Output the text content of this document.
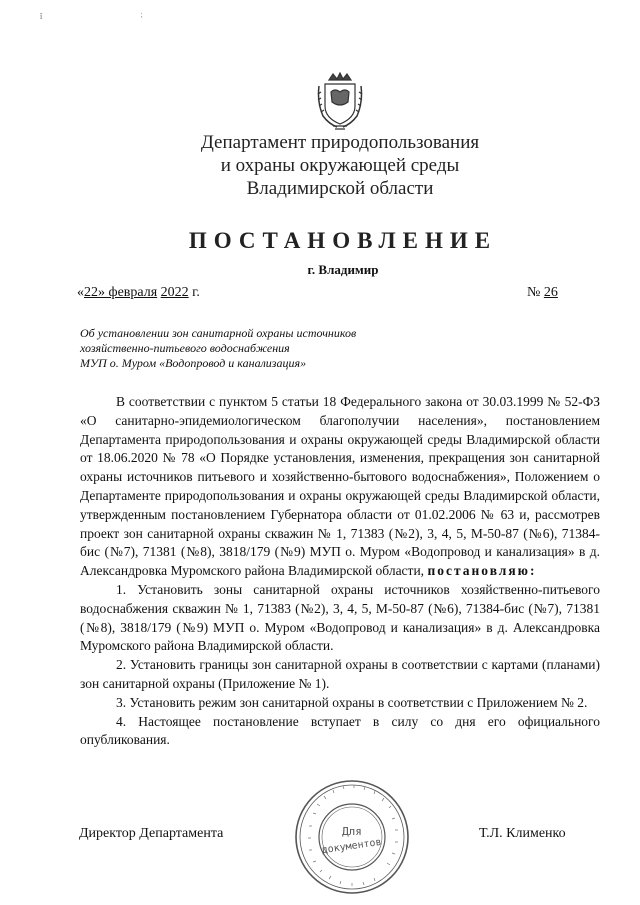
ǐ	⁏
Департамент природопользования
и охраны окружающей среды
Владимирской области
ПОСТАНОВЛЕНИЕ
г. Владимир
«22» февраля 2022 г.	№ 26
Об установлении зон санитарной охраны источников
хозяйственно-питьевого водоснабжения
МУП о. Муром «Водопровод и канализация»

В соответствии с пунктом 5 статьи 18 Федерального закона от 30.03.1999 № 52-ФЗ «О санитарно-эпидемиологическом благополучии населения», постановлением Департамента природопользования и охраны окружающей среды Владимирской области от 18.06.2020 № 78 «О Порядке установления, изменения, прекращения зон санитарной охраны источников питьевого и хозяйственно-бытового водоснабжения», Положением о Департаменте природопользования и охраны окружающей среды Владимирской области, утвержденным постановлением Губернатора области от 01.02.2006 № 63 и, рассмотрев проект зон санитарной охраны скважин № 1, 71383 (№2), 3, 4, 5, М-50-87 (№6), 71384-бис (№7), 71381 (№8), 3818/179 (№9) МУП о. Муром «Водопровод и канализация» в д. Александровка Муромского района Владимирской области, постановляю:

1. Установить зоны санитарной охраны источников хозяйственно-питьевого водоснабжения скважин № 1, 71383 (№2), 3, 4, 5, М-50-87 (№6), 71384-бис (№7), 71381 (№8), 3818/179 (№9) МУП о. Муром «Водопровод и канализация» в д. Александровка Муромского района Владимирской области.

2. Установить границы зон санитарной охраны в соответствии с картами (планами) зон санитарной охраны (Приложение № 1).

3. Установить режим зон санитарной охраны в соответствии с Приложением № 2.

4. Настоящее постановление вступает в силу со дня его официального опубликования.

Для
документов
Директор Департамента	Т.Л. Клименко
